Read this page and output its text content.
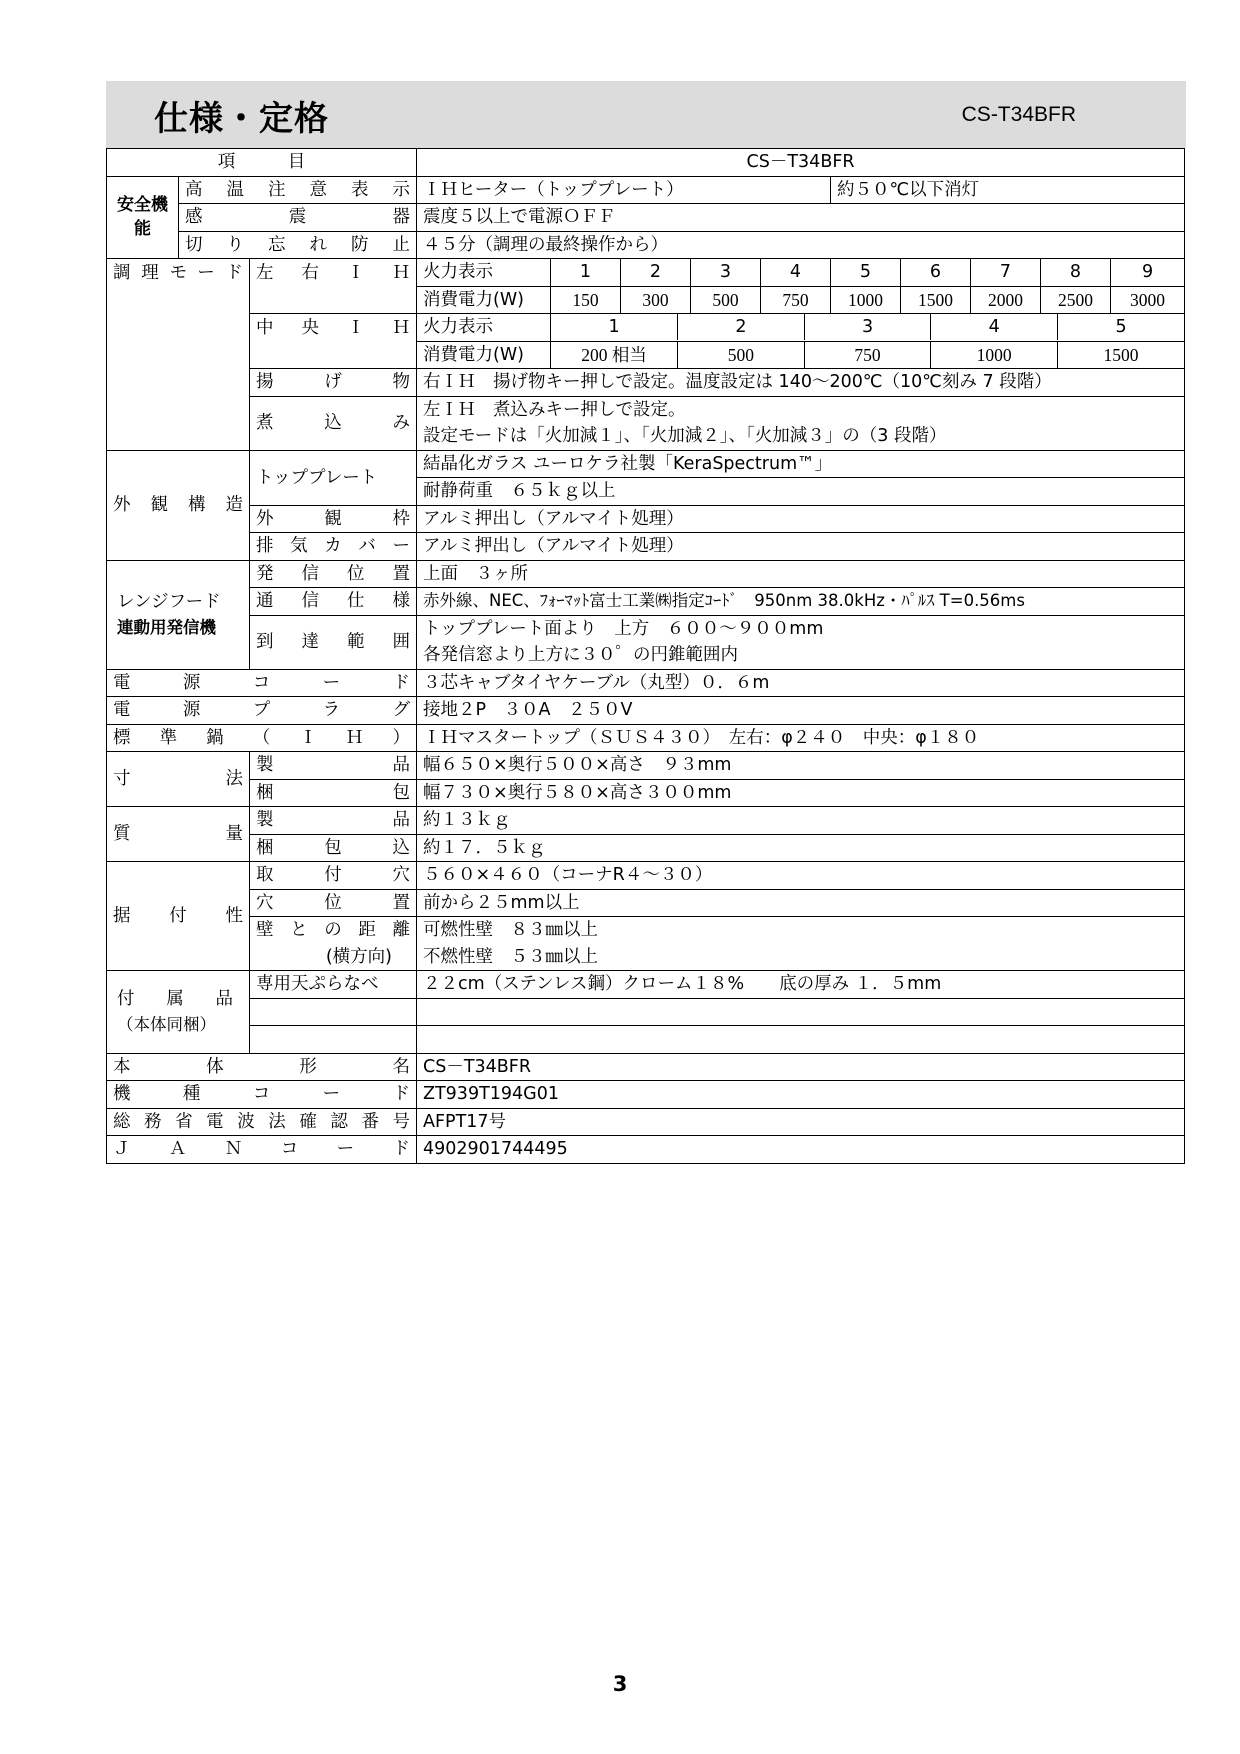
仕様・定格	CS-T34BFR
項　　　目	CS－T34BFR
安全機能	
高温注意表示	ＩＨヒーター（トッププレート）	約５０℃以下消灯

感震器	震度５以上で電源ＯＦＦ

切り忘れ防止	４５分（調理の最終操作から）

調理モード	左右ＩＨ	火力表示	1	2	3	4	5	6	7	8	9
		消費電力(W)	150	300	500	750	1000	1500	2000	2500	3000

中央ＩＨ	火力表示		1	2	3	4	5

		消費電力(W)		200 相当	500	750	1000	1500

揚げ物	右ＩＨ　揚げ物キー押しで設定。温度設定は 140～200℃（10℃刻み 7 段階）

煮込み
	左ＩＨ　煮込みキー押しで設定。
設定モードは「火加減１」、「火加減２」、「火加減３」の（3 段階）

外観構造
	トッププレート	結晶化ガラス ユーロケラ社製「KeraSpectrum™」
耐静荷重　６５ｋｇ以上

外観枠	アルミ押出し（アルマイト処理）

排気カバー	アルミ押出し（アルマイト処理）

レンジフード
連動用発信機

発信位置	上面　３ヶ所

通信仕様	赤外線、NEC、ﾌｫｰﾏｯﾄ富士工業㈱指定ｺｰﾄﾞ　950nm 38.0kHz・ﾊﾟﾙｽ T=0.56ms

到達範囲
	トッププレート面より　上方　６００～９００mm
各発信窓より上方に３０゜の円錐範囲内

電源コード	３芯キャブタイヤケーブル（丸型）０．６m

電源プラグ	接地２P　３０A　２５０V

標準鍋（ＩＨ）	ＩＨマスタートップ（ＳＵＳ４３０）　左右：φ２４０　中央：φ１８０

寸法

製品	幅６５０×奥行５００×高さ　９３mm

梱包	幅７３０×奥行５８０×高さ３００mm

質量

製品	約１３ｋｇ

梱包込	約１７．５ｋｇ

据付性

取付穴	５６０×４６０（コーナR４～３０）

穴位置	前から２５mm以上

壁との距離	可燃性壁　８３㎜以上
(横方向)	不燃性壁　５３㎜以上

付属品
（本体同梱）
	専用天ぷらなべ	２２cm（ステンレス鋼）クローム１８%　　底の厚み １．５mm

本体形名	CS－T34BFR

機種コード	ZT939T194G01

総務省電波法確認番号	AFPT17号

ＪＡＮコード	4902901744495
3
